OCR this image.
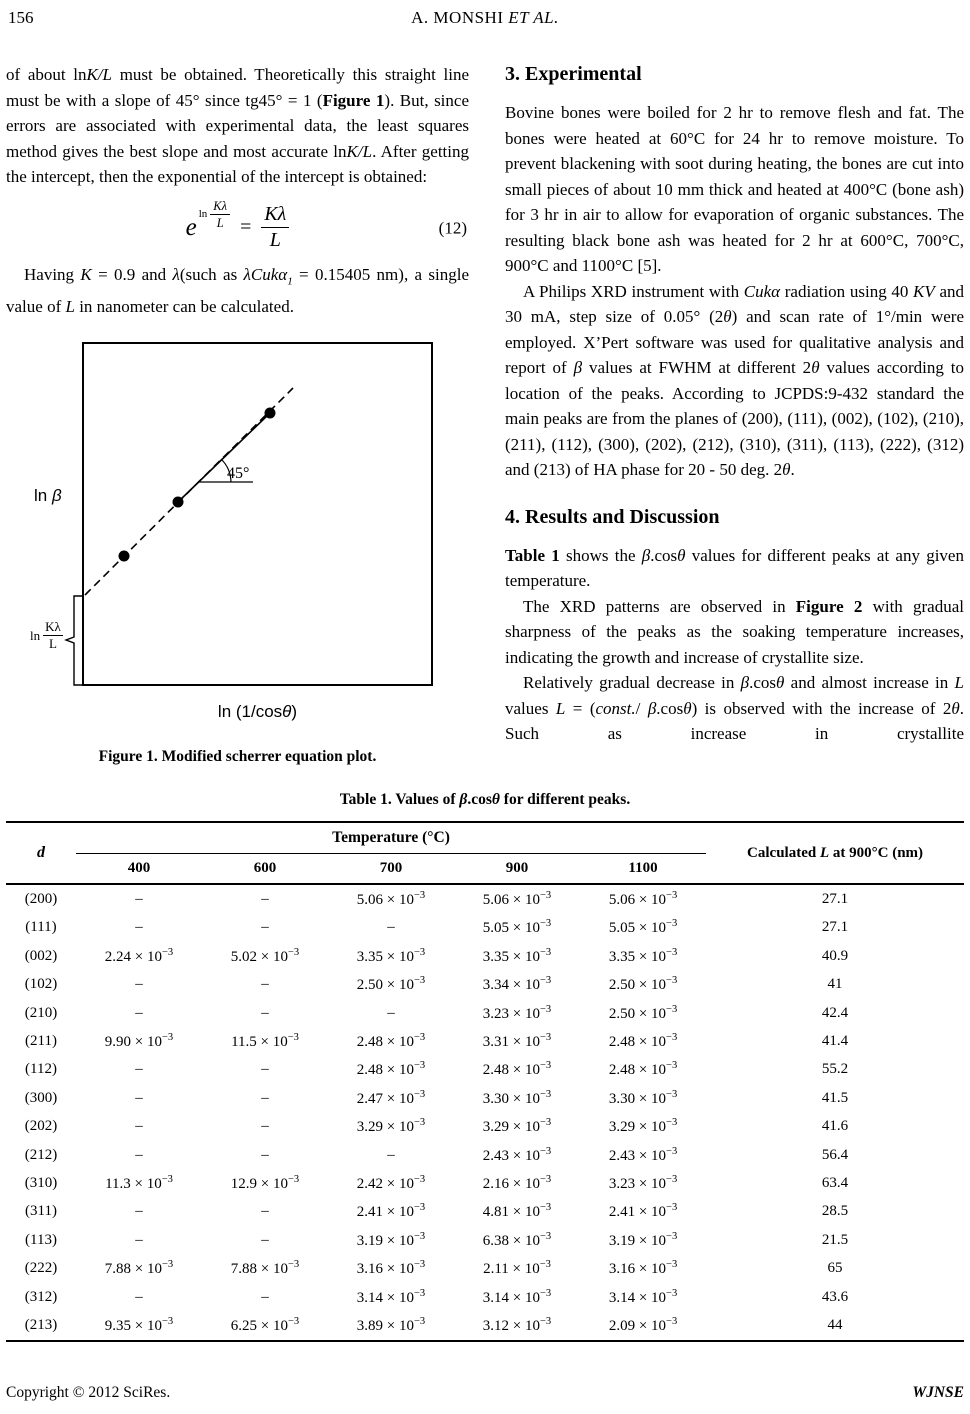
156	A. MONSHI ET AL.

of about lnK/L must be obtained. Theoretically this straight line must be with a slope of 45° since tg45° = 1 (Figure 1). But, since errors are associated with experimental data, the least squares method gives the best slope and most accurate lnK/L. After getting the intercept, then the exponential of the intercept is obtained:

e $\ln \frac{K\lambda}{L} = \frac{K\lambda}{L}$	(12)

Having K = 0.9 and λ(such as λCukα$_1$ = 0.15405 nm), a single value of L in nanometer can be calculated.

ln β
45°
$\ln \frac{K\lambda}{L}$
ln (1/cosθ)
Figure 1. Modified scherrer equation plot.
3. Experimental

Bovine bones were boiled for 2 hr to remove flesh and fat. The bones were heated at 60°C for 24 hr to remove moisture. To prevent blackening with soot during heating, the bones are cut into small pieces of about 10 mm thick and heated at 400°C (bone ash) for 3 hr in air to allow for evaporation of organic substances. The resulting black bone ash was heated for 2 hr at 600°C, 700°C, 900°C and 1100°C [5].

A Philips XRD instrument with Cukα radiation using 40 KV and 30 mA, step size of 0.05° (2θ) and scan rate of 1°/min were employed. X’Pert software was used for qualitative analysis and report of β values at FWHM at different 2θ values according to location of the peaks. According to JCPDS:9-432 standard the main peaks are from the planes of (200), (111), (002), (102), (210), (211), (112), (300), (202), (212), (310), (311), (113), (222), (312) and (213) of HA phase for 20 - 50 deg. 2θ.

4. Results and Discussion

Table 1 shows the β.cosθ values for different peaks at any given temperature.

The XRD patterns are observed in Figure 2 with gradual sharpness of the peaks as the soaking temperature increases, indicating the growth and increase of crystallite size.

Relatively gradual decrease in β.cosθ and almost increase in L values L = (const./ β.cosθ) is observed with the increase of 2θ. Such as increase in crystallite

Table 1. Values of β.cosθ for different peaks.
d	Temperature (°C)					Calculated L at 900°C (nm)
	400	600	700	900	1100	
(200)	–	–	$5.06 \times 10^{-3}$	$5.06 \times 10^{-3}$	$5.06 \times 10^{-3}$	27.1
(111)	–	–	–	$5.05 \times 10^{-3}$	$5.05 \times 10^{-3}$	27.1
(002)	$2.24 \times 10^{-3}$	$5.02 \times 10^{-3}$	$3.35 \times 10^{-3}$	$3.35 \times 10^{-3}$	$3.35 \times 10^{-3}$	40.9
(102)	–	–	$2.50 \times 10^{-3}$	$3.34 \times 10^{-3}$	$2.50 \times 10^{-3}$	41
(210)	–	–	–	$3.23 \times 10^{-3}$	$2.50 \times 10^{-3}$	42.4
(211)	$9.90 \times 10^{-3}$	$11.5 \times 10^{-3}$	$2.48 \times 10^{-3}$	$3.31 \times 10^{-3}$	$2.48 \times 10^{-3}$	41.4
(112)	–	–	$2.48 \times 10^{-3}$	$2.48 \times 10^{-3}$	$2.48 \times 10^{-3}$	55.2
(300)	–	–	$2.47 \times 10^{-3}$	$3.30 \times 10^{-3}$	$3.30 \times 10^{-3}$	41.5
(202)	–	–	$3.29 \times 10^{-3}$	$3.29 \times 10^{-3}$	$3.29 \times 10^{-3}$	41.6
(212)	–	–	–	$2.43 \times 10^{-3}$	$2.43 \times 10^{-3}$	56.4
(310)	$11.3 \times 10^{-3}$	$12.9 \times 10^{-3}$	$2.42 \times 10^{-3}$	$2.16 \times 10^{-3}$	$3.23 \times 10^{-3}$	63.4
(311)	–	–	$2.41 \times 10^{-3}$	$4.81 \times 10^{-3}$	$2.41 \times 10^{-3}$	28.5
(113)	–	–	$3.19 \times 10^{-3}$	$6.38 \times 10^{-3}$	$3.19 \times 10^{-3}$	21.5
(222)	$7.88 \times 10^{-3}$	$7.88 \times 10^{-3}$	$3.16 \times 10^{-3}$	$2.11 \times 10^{-3}$	$3.16 \times 10^{-3}$	65
(312)	–	–	$3.14 \times 10^{-3}$	$3.14 \times 10^{-3}$	$3.14 \times 10^{-3}$	43.6
(213)	$9.35 \times 10^{-3}$	$6.25 \times 10^{-3}$	$3.89 \times 10^{-3}$	$3.12 \times 10^{-3}$	$2.09 \times 10^{-3}$	44
Copyright © 2012 SciRes.	WJNSE
